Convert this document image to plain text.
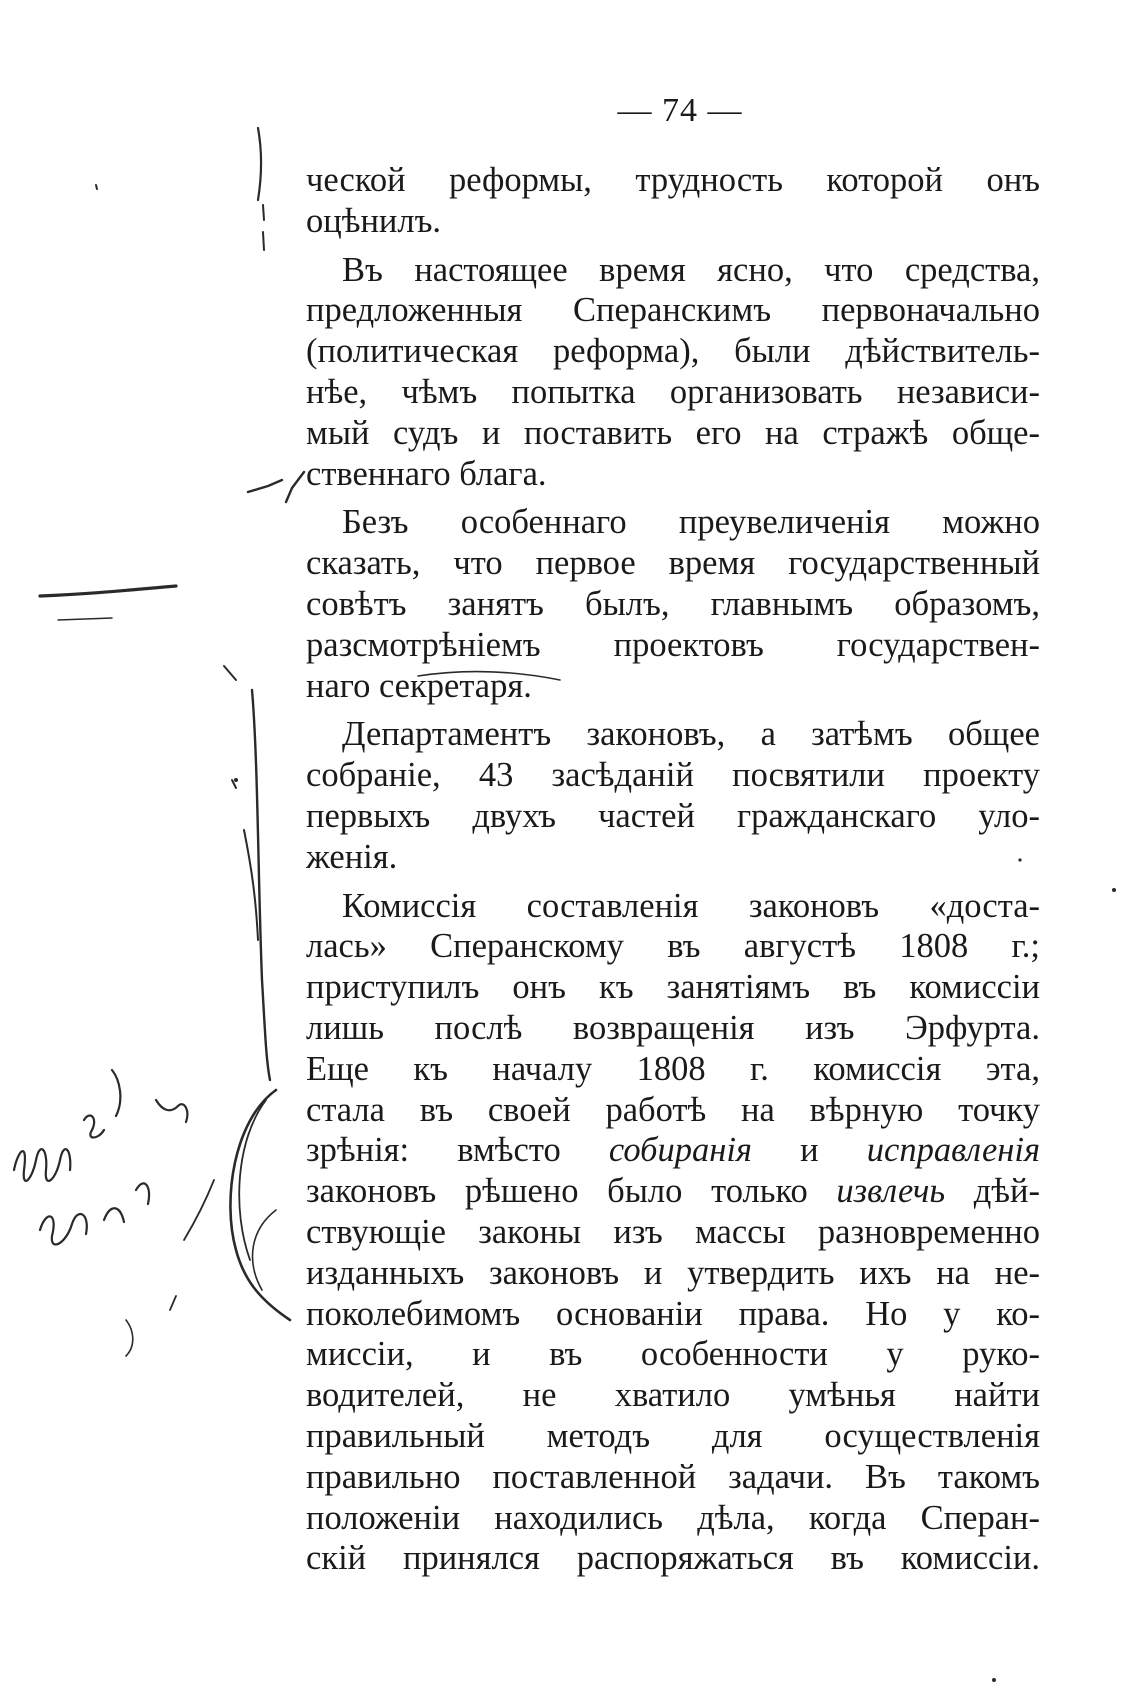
— 74 —

ческой реформы, трудность которой онъ
оцѣнилъ.

Въ настоящее время ясно, что средства,
предложенныя Сперанскимъ первоначально
(политическая реформа), были дѣйствитель-
нѣе, чѣмъ попытка организовать независи-
мый судъ и поставить его на стражѣ обще-
ственнаго блага.

Безъ особеннаго преувеличенія можно
сказать, что первое время государственный
совѣтъ занятъ былъ, главнымъ образомъ,
разсмотрѣніемъ проектовъ государствен-
наго секретаря.

Департаментъ законовъ, а затѣмъ общее
собраніе, 43 засѣданій посвятили проекту
первыхъ двухъ частей гражданскаго уло-
женія.

Комиссія составленія законовъ «доста-
лась» Сперанскому въ августѣ 1808 г.;
приступилъ онъ къ занятіямъ въ комиссіи
лишь послѣ возвращенія изъ Эрфурта.
Еще къ началу 1808 г. комиссія эта,
стала въ своей работѣ на вѣрную точку
зрѣнія: вмѣсто собиранія и исправленія
законовъ рѣшено было только извлечь дѣй-
ствующіе законы изъ массы разновременно
изданныхъ законовъ и утвердить ихъ на не-
поколебимомъ основаніи права. Но у ко-
миссіи, и въ особенности у руко-
водителей, не хватило умѣнья найти
правильный методъ для осуществленія
правильно поставленной задачи. Въ такомъ
положеніи находились дѣла, когда Сперан-
скій принялся распоряжаться въ комиссіи.
